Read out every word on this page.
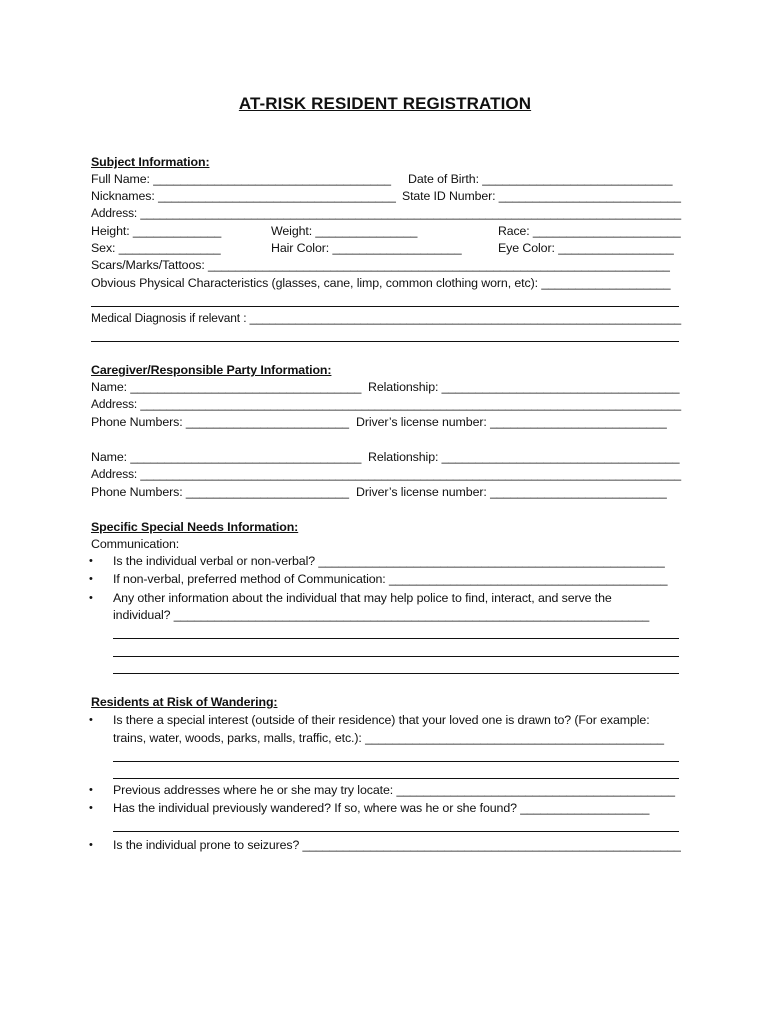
AT-RISK RESIDENT REGISTRATION
Subject Information:
Full Name: ___________________________________ Date of Birth: ____________________________
Nicknames: ___________________________________ State ID Number: ___________________________
Address: ___________________________________________________________________________________
Height: _____________	Weight: _______________	Race: ______________________
Sex: _______________	Hair Color: ___________________	Eye Color: _________________
Scars/Marks/Tattoos: ____________________________________________________________________
Obvious Physical Characteristics (glasses, cane, limp, common clothing worn, etc): ___________________
Medical Diagnosis if relevant : __________________________________________________________________
Caregiver/Responsible Party Information:
Name: __________________________________ Relationship: ___________________________________
Address: ___________________________________________________________________________________
Phone Numbers: ________________________ Driver’s license number: __________________________
Name: __________________________________ Relationship: ___________________________________
Address: ___________________________________________________________________________________
Phone Numbers: ________________________ Driver’s license number: __________________________
Specific Special Needs Information:
Communication:
• Is the individual verbal or non-verbal? ___________________________________________________
• If non-verbal, preferred method of Communication: _________________________________________
• Any other information about the individual that may help police to find, interact, and serve the
individual? ______________________________________________________________________
Residents at Risk of Wandering:
• Is there a special interest (outside of their residence) that your loved one is drawn to? (For example:
trains, water, woods, parks, malls, traffic, etc.): ____________________________________________
• Previous addresses where he or she may try locate: _________________________________________
• Has the individual previously wandered? If so, where was he or she found? ___________________
• Is the individual prone to seizures? ________________________________________________________
